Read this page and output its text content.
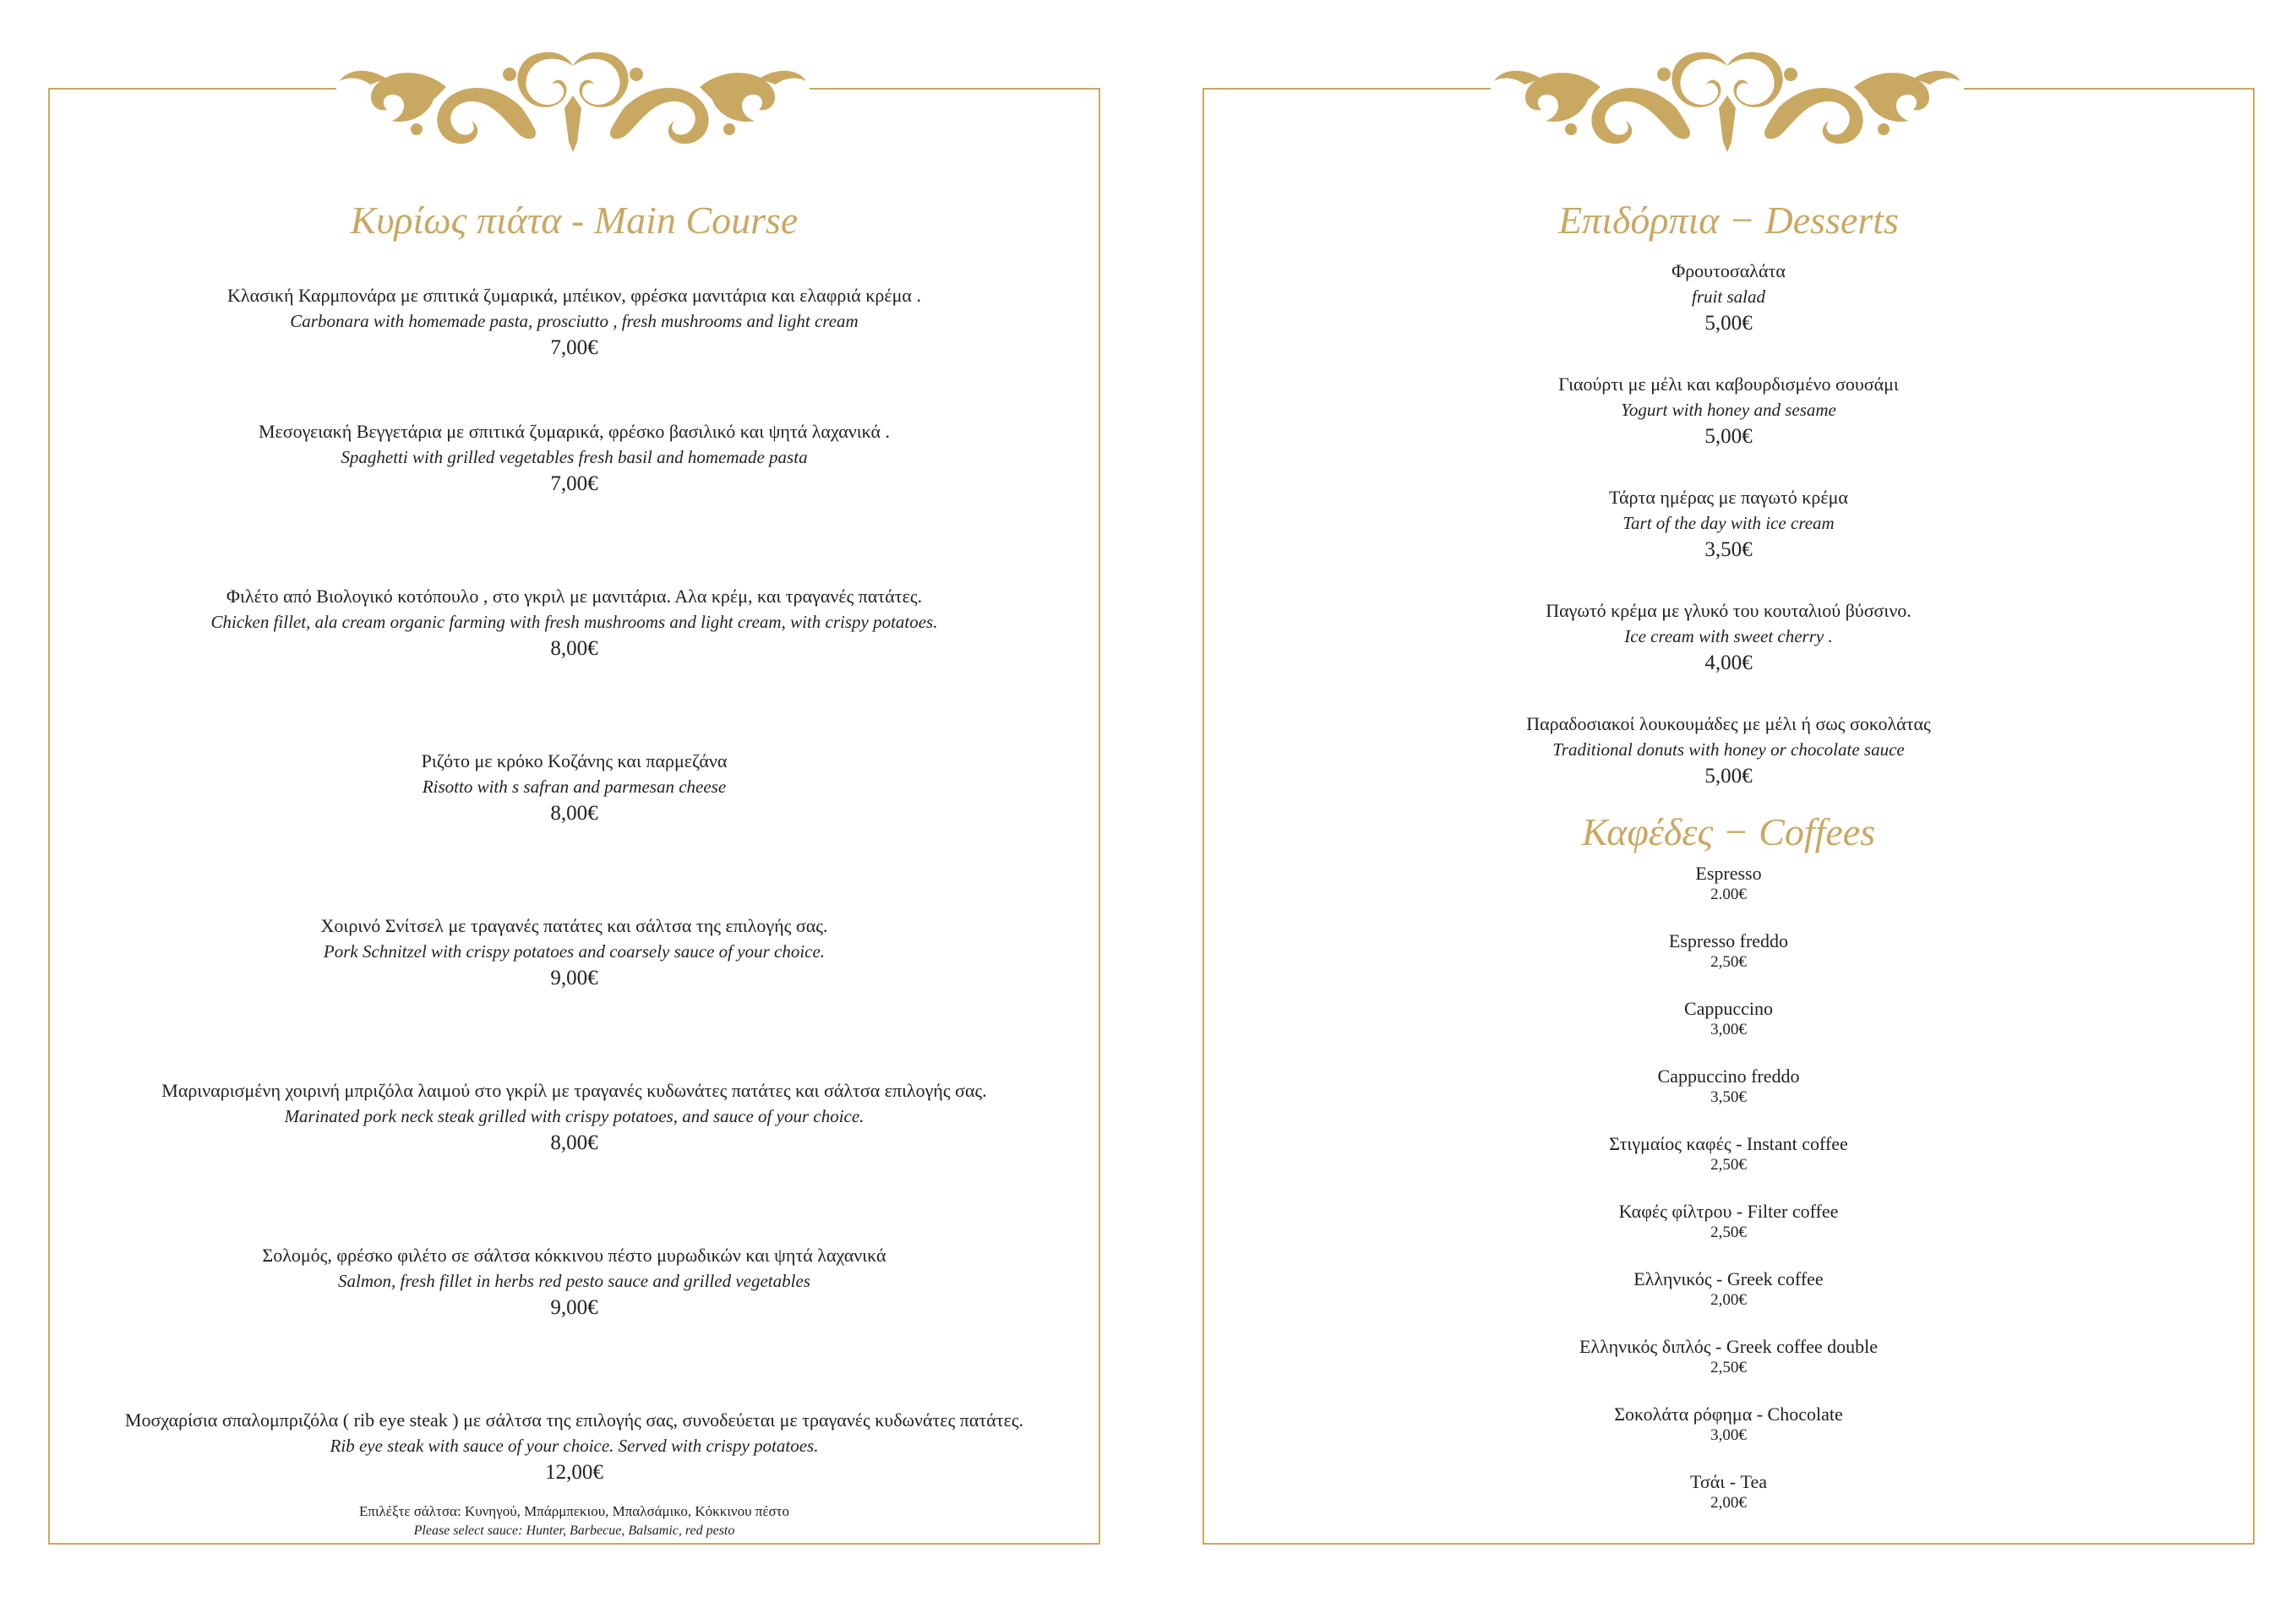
Κυρίως πιάτα - Main Course
Κλασική Καρμπονάρα με σπιτικά ζυμαρικά, μπέικον, φρέσκα μανιτάρια και ελαφριά κρέμα .
Carbonara with homemade pasta, prosciutto , fresh mushrooms and light cream
7,00€
Μεσογειακή Βεγγετάρια με σπιτικά ζυμαρικά, φρέσκο βασιλικό και ψητά λαχανικά .
Spaghetti with grilled vegetables fresh basil and homemade pasta
7,00€
Φιλέτο από Βιολογικό κοτόπουλο , στο γκριλ με μανιτάρια. Αλα κρέμ, και τραγανές πατάτες.
Chicken fillet, ala cream organic farming with fresh mushrooms and light cream, with crispy potatoes.
8,00€
Ριζότο με κρόκο Κοζάνης και παρμεζάνα
Risotto with s safran and parmesan cheese
8,00€
Χοιρινό Σνίτσελ με τραγανές πατάτες και σάλτσα της επιλογής σας.
Pork Schnitzel with crispy potatoes and coarsely sauce of your choice.
9,00€
Μαριναρισμένη χοιρινή μπριζόλα λαιμού στο γκρίλ με τραγανές κυδωνάτες πατάτες και σάλτσα επιλογής σας.
Marinated pork neck steak grilled with crispy potatoes, and sauce of your choice.
8,00€
Σολομός, φρέσκο φιλέτο σε σάλτσα κόκκινου πέστο μυρωδικών και ψητά λαχανικά
Salmon, fresh fillet in herbs red pesto sauce and grilled vegetables
9,00€
Μοσχαρίσια σπαλομπριζόλα ( rib eye steak ) με σάλτσα της επιλογής σας, συνοδεύεται με τραγανές κυδωνάτες πατάτες.
Rib eye steak with sauce of your choice. Served with crispy potatoes.
12,00€
Επιλέξτε σάλτσα: Κυνηγού, Μπάρμπεκιου, Μπαλσάμικο, Κόκκινου πέστο
Please select sauce: Hunter, Barbecue, Balsamic, red pesto
Επιδόρπια − Desserts
Φρουτοσαλάτα
fruit salad
5,00€
Γιαούρτι με μέλι και καβουρδισμένο σουσάμι
Yogurt with honey and sesame
5,00€
Τάρτα ημέρας με παγωτό κρέμα
Tart of the day with ice cream
3,50€
Παγωτό κρέμα με γλυκό του κουταλιού βύσσινο.
Ice cream with sweet cherry .
4,00€
Παραδοσιακοί λουκουμάδες με μέλι ή σως σοκολάτας
Traditional donuts with honey or chocolate sauce
5,00€
Καφέδες − Coffees
Espresso
2.00€
Espresso freddo
2,50€
Cappuccino
3,00€
Cappuccino freddo
3,50€
Στιγμαίος καφές - Instant coffee
2,50€
Καφές φίλτρου - Filter coffee
2,50€
Ελληνικός - Greek coffee
2,00€
Ελληνικός διπλός - Greek coffee double
2,50€
Σοκολάτα ρόφημα - Chocolate
3,00€
Τσάι - Tea
2,00€
